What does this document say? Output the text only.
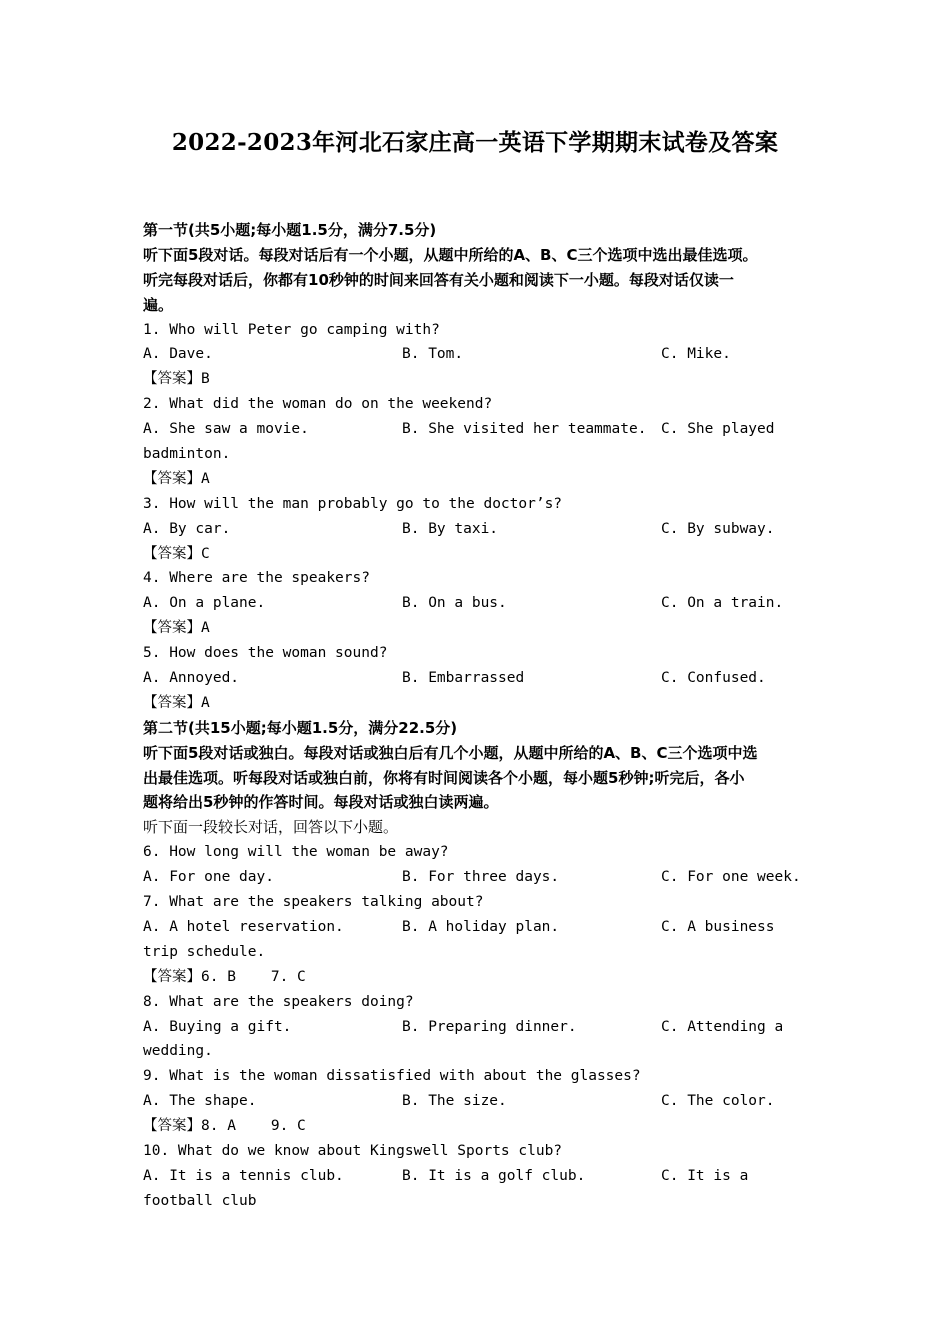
2022-2023年河北石家庄高一英语下学期期末试卷及答案
第一节(共5小题;每小题1.5分，满分7.5分)
听下面5段对话。每段对话后有一个小题，从题中所给的A、B、C三个选项中选出最佳选项。
听完每段对话后，你都有10秒钟的时间来回答有关小题和阅读下一小题。每段对话仅读一
遍。
1. Who will Peter go camping with?
A. Dave.	B. Tom.	C. Mike.
【答案】B
2. What did the woman do on the weekend?
A. She saw a movie.	B. She visited her teammate. C. She played
badminton.
【答案】A
3. How will the man probably go to the doctor’s?
A. By car.	B. By taxi.	C. By subway.
【答案】C
4. Where are the speakers?
A. On a plane.	B. On a bus.	C. On a train.
【答案】A
5. How does the woman sound?
A. Annoyed.	B. Embarrassed	C. Confused.
【答案】A
第二节(共15小题;每小题1.5分，满分22.5分)
听下面5段对话或独白。每段对话或独白后有几个小题，从题中所给的A、B、C三个选项中选
出最佳选项。听每段对话或独白前，你将有时间阅读各个小题，每小题5秒钟;听完后，各小
题将给出5秒钟的作答时间。每段对话或独白读两遍。
听下面一段较长对话，回答以下小题。
6. How long will the woman be away?
A. For one day.	B. For three days.	C. For one week.
7. What are the speakers talking about?
A. A hotel reservation.	B. A holiday plan.	C. A business
trip schedule.
【答案】6. B    7. C
8. What are the speakers doing?
A. Buying a gift.	B. Preparing dinner.	C. Attending a
wedding.
9. What is the woman dissatisfied with about the glasses?
A. The shape.	B. The size.	C. The color.
【答案】8. A    9. C
10. What do we know about Kingswell Sports club?
A. It is a tennis club.	B. It is a golf club.	C. It is a
football club
